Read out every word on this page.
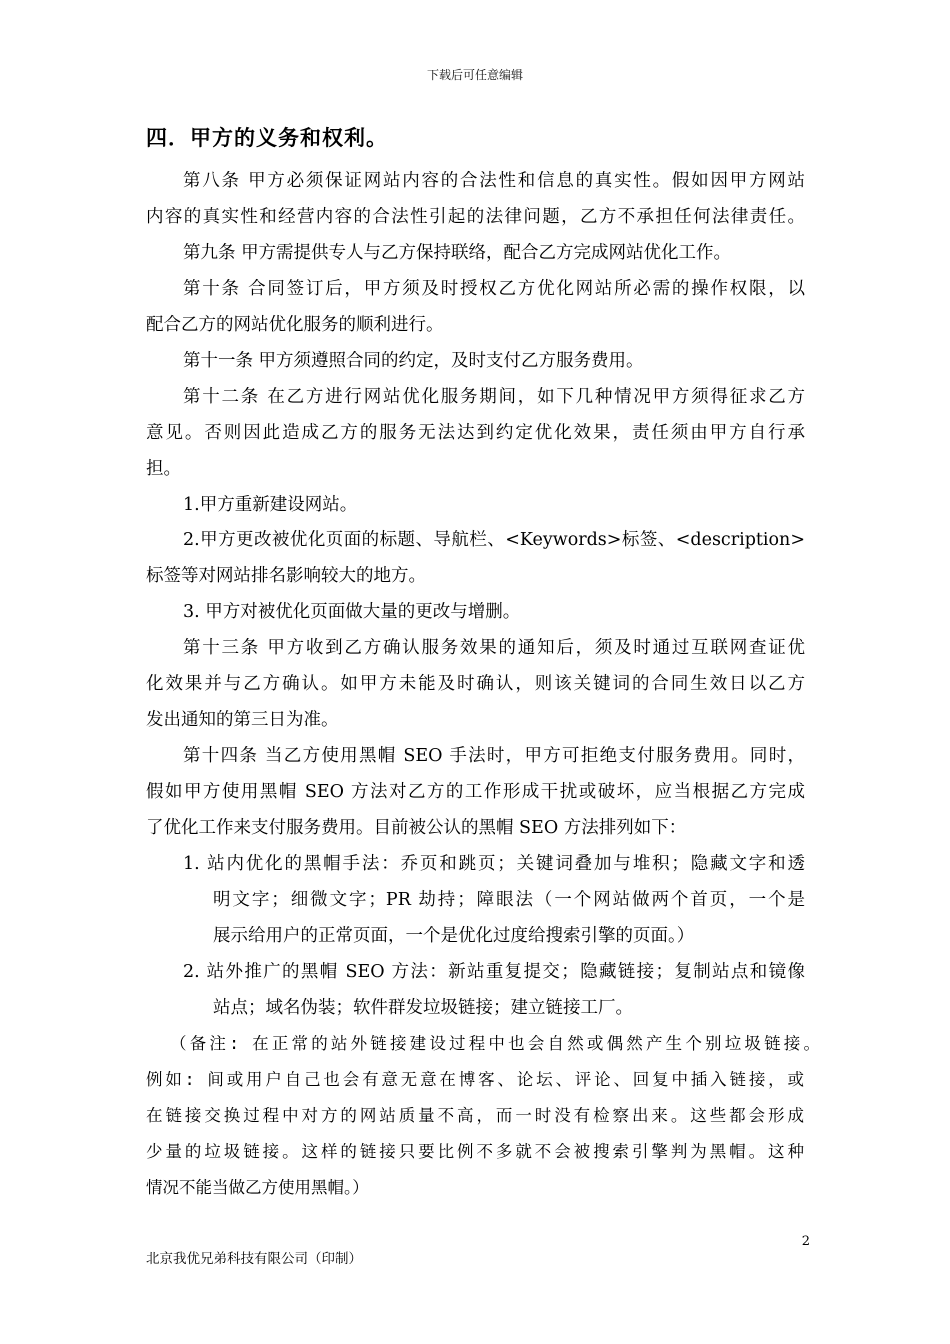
下载后可任意编辑
四．甲方的义务和权利。
第八条 甲方必须保证网站内容的合法性和信息的真实性。假如因甲方网站
内容的真实性和经营内容的合法性引起的法律问题，乙方不承担任何法律责任。
第九条 甲方需提供专人与乙方保持联络，配合乙方完成网站优化工作。
第十条 合同签订后，甲方须及时授权乙方优化网站所必需的操作权限，以
配合乙方的网站优化服务的顺利进行。
第十一条 甲方须遵照合同的约定，及时支付乙方服务费用。
第十二条 在乙方进行网站优化服务期间，如下几种情况甲方须得征求乙方
意见。否则因此造成乙方的服务无法达到约定优化效果，责任须由甲方自行承
担。
1.甲方重新建设网站。
2.甲方更改被优化页面的标题、导航栏、<Keywords>标签、<description>
标签等对网站排名影响较大的地方。
3. 甲方对被优化页面做大量的更改与增删。
第十三条 甲方收到乙方确认服务效果的通知后，须及时通过互联网查证优
化效果并与乙方确认。如甲方未能及时确认，则该关键词的合同生效日以乙方
发出通知的第三日为准。
第十四条 当乙方使用黑帽 SEO 手法时，甲方可拒绝支付服务费用。同时，
假如甲方使用黑帽 SEO 方法对乙方的工作形成干扰或破坏，应当根据乙方完成
了优化工作来支付服务费用。目前被公认的黑帽 SEO 方法排列如下：
1. 站内优化的黑帽手法：乔页和跳页；关键词叠加与堆积；隐藏文字和透
明文字；细微文字；PR 劫持；障眼法（一个网站做两个首页，一个是
展示给用户的正常页面，一个是优化过度给搜索引擎的页面。）
2. 站外推广的黑帽 SEO 方法：新站重复提交；隐藏链接；复制站点和镜像
站点；域名伪装；软件群发垃圾链接；建立链接工厂。
（备注: 在正常的站外链接建设过程中也会自然或偶然产生个别垃圾链接。
例如: 间或用户自己也会有意无意在博客、论坛、评论、回复中插入链接，或
在链接交换过程中对方的网站质量不高，而一时没有检察出来。这些都会形成
少量的垃圾链接。这样的链接只要比例不多就不会被搜索引擎判为黑帽。这种
情况不能当做乙方使用黑帽。）
2
北京我优兄弟科技有限公司（印制）
